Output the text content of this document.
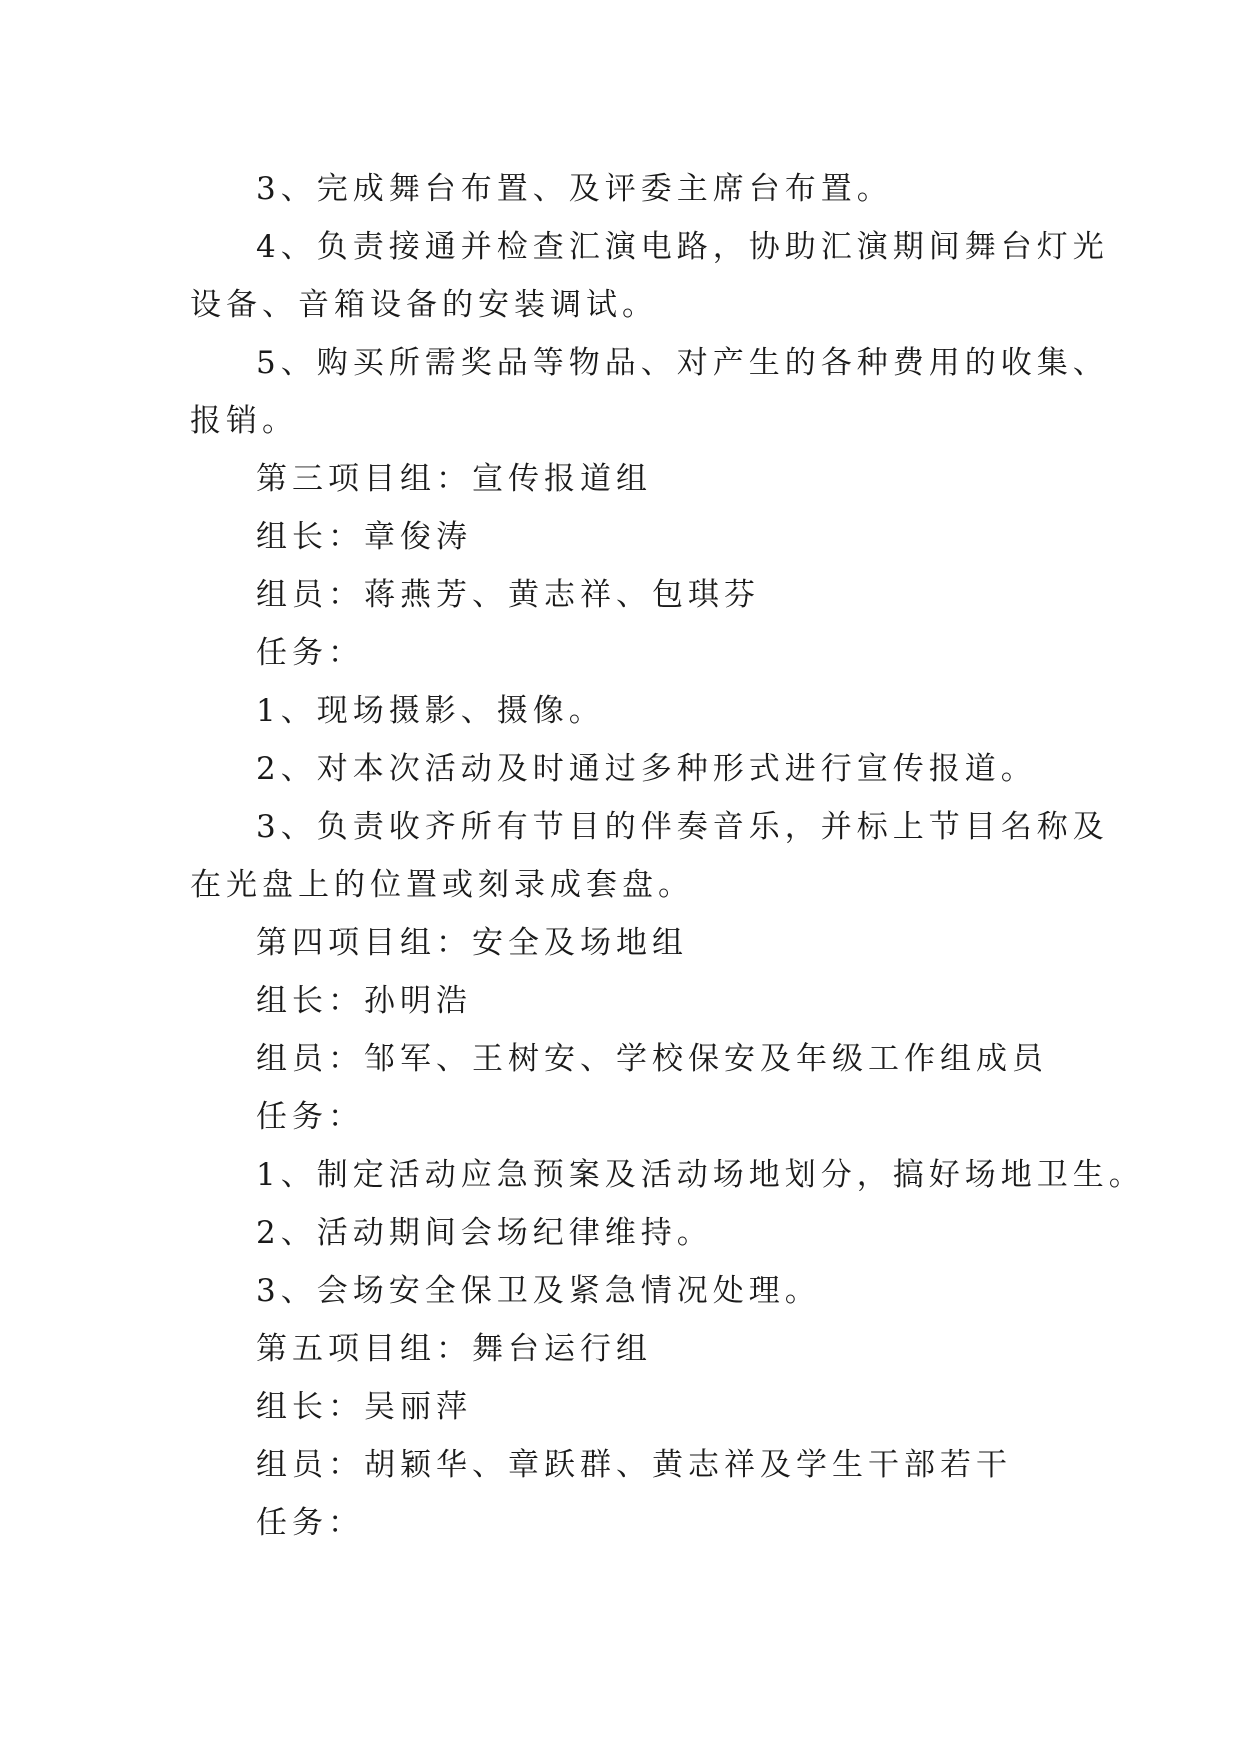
3、完成舞台布置、及评委主席台布置。
4、负责接通并检查汇演电路，协助汇演期间舞台灯光
设备、音箱设备的安装调试。
5、购买所需奖品等物品、对产生的各种费用的收集、
报销。
第三项目组：宣传报道组
组长：章俊涛
组员：蒋燕芳、黄志祥、包琪芬
任务：
1、现场摄影、摄像。
2、对本次活动及时通过多种形式进行宣传报道。
3、负责收齐所有节目的伴奏音乐，并标上节目名称及
在光盘上的位置或刻录成套盘。
第四项目组：安全及场地组
组长：孙明浩
组员：邹军、王树安、学校保安及年级工作组成员
任务：
1、制定活动应急预案及活动场地划分，搞好场地卫生。
2、活动期间会场纪律维持。
3、会场安全保卫及紧急情况处理。
第五项目组：舞台运行组
组长：吴丽萍
组员：胡颖华、章跃群、黄志祥及学生干部若干
任务：
